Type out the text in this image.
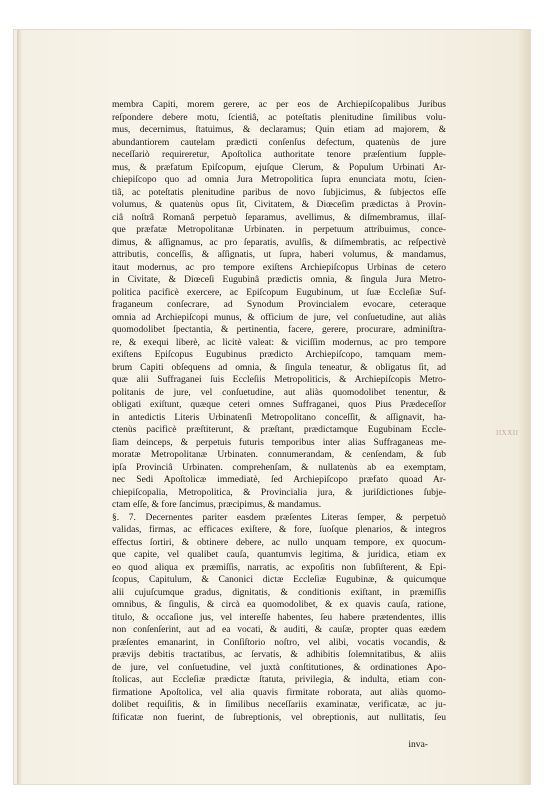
membra Capiti, morem gerere, ac per eos de Archiepiſcopalibus Juribus
reſpondere debere motu, ſcientiâ, ac poteſtatis plenitudine ſimilibus volu-
mus, decernimus, ſtatuimus, & declaramus; Quin etiam ad majorem, &
abundantiorem cautelam prædicti conſenſus defectum, quatenùs de jure
neceſſariò requireretur, Apoſtolica authoritate tenore præſentium ſupple-
mus, & præfatum Epiſcopum, ejuſque Clerum, & Populum Urbinati Ar-
chiepiſcopo quo ad omnia Jura Metropolitica ſupra enunciata motu, ſcien-
tiâ, ac poteſtatis plenitudine paribus de novo ſubjicimus, & ſubjectos eſſe
volumus, & quatenùs opus ſit, Civitatem, & Diœceſim prædictas à Provin-
ciâ noſtrâ Romanâ perpetuò ſeparamus, avellimus, & diſmembramus, illaſ-
que præfatæ Metropolitanæ Urbinaten. in perpetuum attribuimus, conce-
dimus, & aſſignamus, ac pro ſeparatis, avulſis, & diſmembratis, ac reſpectivè
attributis, conceſſis, & aſſignatis, ut ſupra, haberi volumus, & mandamus,
itaut modernus, ac pro tempore exiſtens Archiepiſcopus Urbinas de cetero
in Civitate, & Diœceſi Eugubinâ prædictis omnia, & ſingula Jura Metro-
politica pacificè exercere, ac Epiſcopum Eugubinum, ut ſuæ Eccleſiæ Suf-
fraganeum conſecrare, ad Synodum Provincialem evocare, ceteraque
omnia ad Archiepiſcopi munus, & officium de jure, vel conſuetudine, aut aliàs
quomodolibet ſpectantia, & pertinentia, facere, gerere, procurare, adminiſtra-
re, & exequi liberè, ac licitè valeat: & viciſſim modernus, ac pro tempore
exiſtens Epiſcopus Eugubinus prædicto Archiepiſcopo, tamquam mem-
brum Capiti obſequens ad omnia, & ſingula teneatur, & obligatus ſit, ad
quæ alii Suffraganei ſuis Eccleſiis Metropoliticis, & Archiepiſcopis Metro-
politanis de jure, vel conſuetudine, aut aliàs quomodolibet tenentur, &
obligati exiſtunt, quæque ceteri omnes Suffraganei, quos Pius Prædeceſſor
in antedictis Literis Urbinatenſi Metropolitano conceſſit, & aſſignavit, ha-
ctenùs pacificè præſtiterunt, & præſtant, prædictamque Eugubinam Eccle-
ſiam deinceps, & perpetuis futuris temporibus inter alias Suffraganeas me-
moratæ Metropolitanæ Urbinaten. connumerandam, & cenſendam, & ſub
ipſa Provinciâ Urbinaten. comprehenſam, & nullatenùs ab ea exemptam,
nec Sedi Apoſtolicæ immediatè, ſed Archiepiſcopo præfato quoad Ar-
chiepiſcopalia, Metropolitica, & Provincialia jura, & juriſdictiones ſubje-
ctam eſſe, & fore ſancimus, præcipimus, & mandamus.
§. 7. Decernentes pariter easdem præſentes Literas ſemper, & perpetuò
validas, firmas, ac efficaces exiſtere, & fore, ſuoſque plenarios, & integros
effectus ſortiri, & obtinere debere, ac nullo unquam tempore, ex quocum-
que capite, vel qualibet cauſa, quantumvis legitima, & juridica, etiam ex
eo quod aliqua ex præmiſſis, narratis, ac expoſitis non ſubſiſterent, & Epi-
ſcopus, Capitulum, & Canonici dictæ Eccleſiæ Eugubinæ, & quicumque
alii cujuſcumque gradus, dignitatis, & conditionis exiſtant, in præmiſſis
omnibus, & ſingulis, & circà ea quomodolibet, & ex quavis cauſa, ratione,
titulo, & occaſione jus, vel intereſſe habentes, ſeu habere prætendentes, illis
non conſenſerint, aut ad ea vocati, & auditi, & cauſæ, propter quas eædem
præſentes emanarint, in Conſiſtorio noſtro, vel alibi, vocatis vocandis, &
prævijs debitis tractatibus, ac ſervatis, & adhibitis ſolemnitatibus, & aliis
de jure, vel conſuetudine, vel juxtà conſtitutiones, & ordinationes Apo-
ſtolicas, aut Eccleſiæ prædictæ ſtatuta, privilegia, & indulta, etiam con-
firmatione Apoſtolica, vel alia quavis firmitate roborata, aut aliàs quomo-
dolibet requiſitis, & in ſimilibus neceſſariis examinatæ, verificatæ, ac ju-
ſtificatæ non fuerint, de ſubreptionis, vel obreptionis, aut nullitatis, ſeu
inva-
IIXXII
